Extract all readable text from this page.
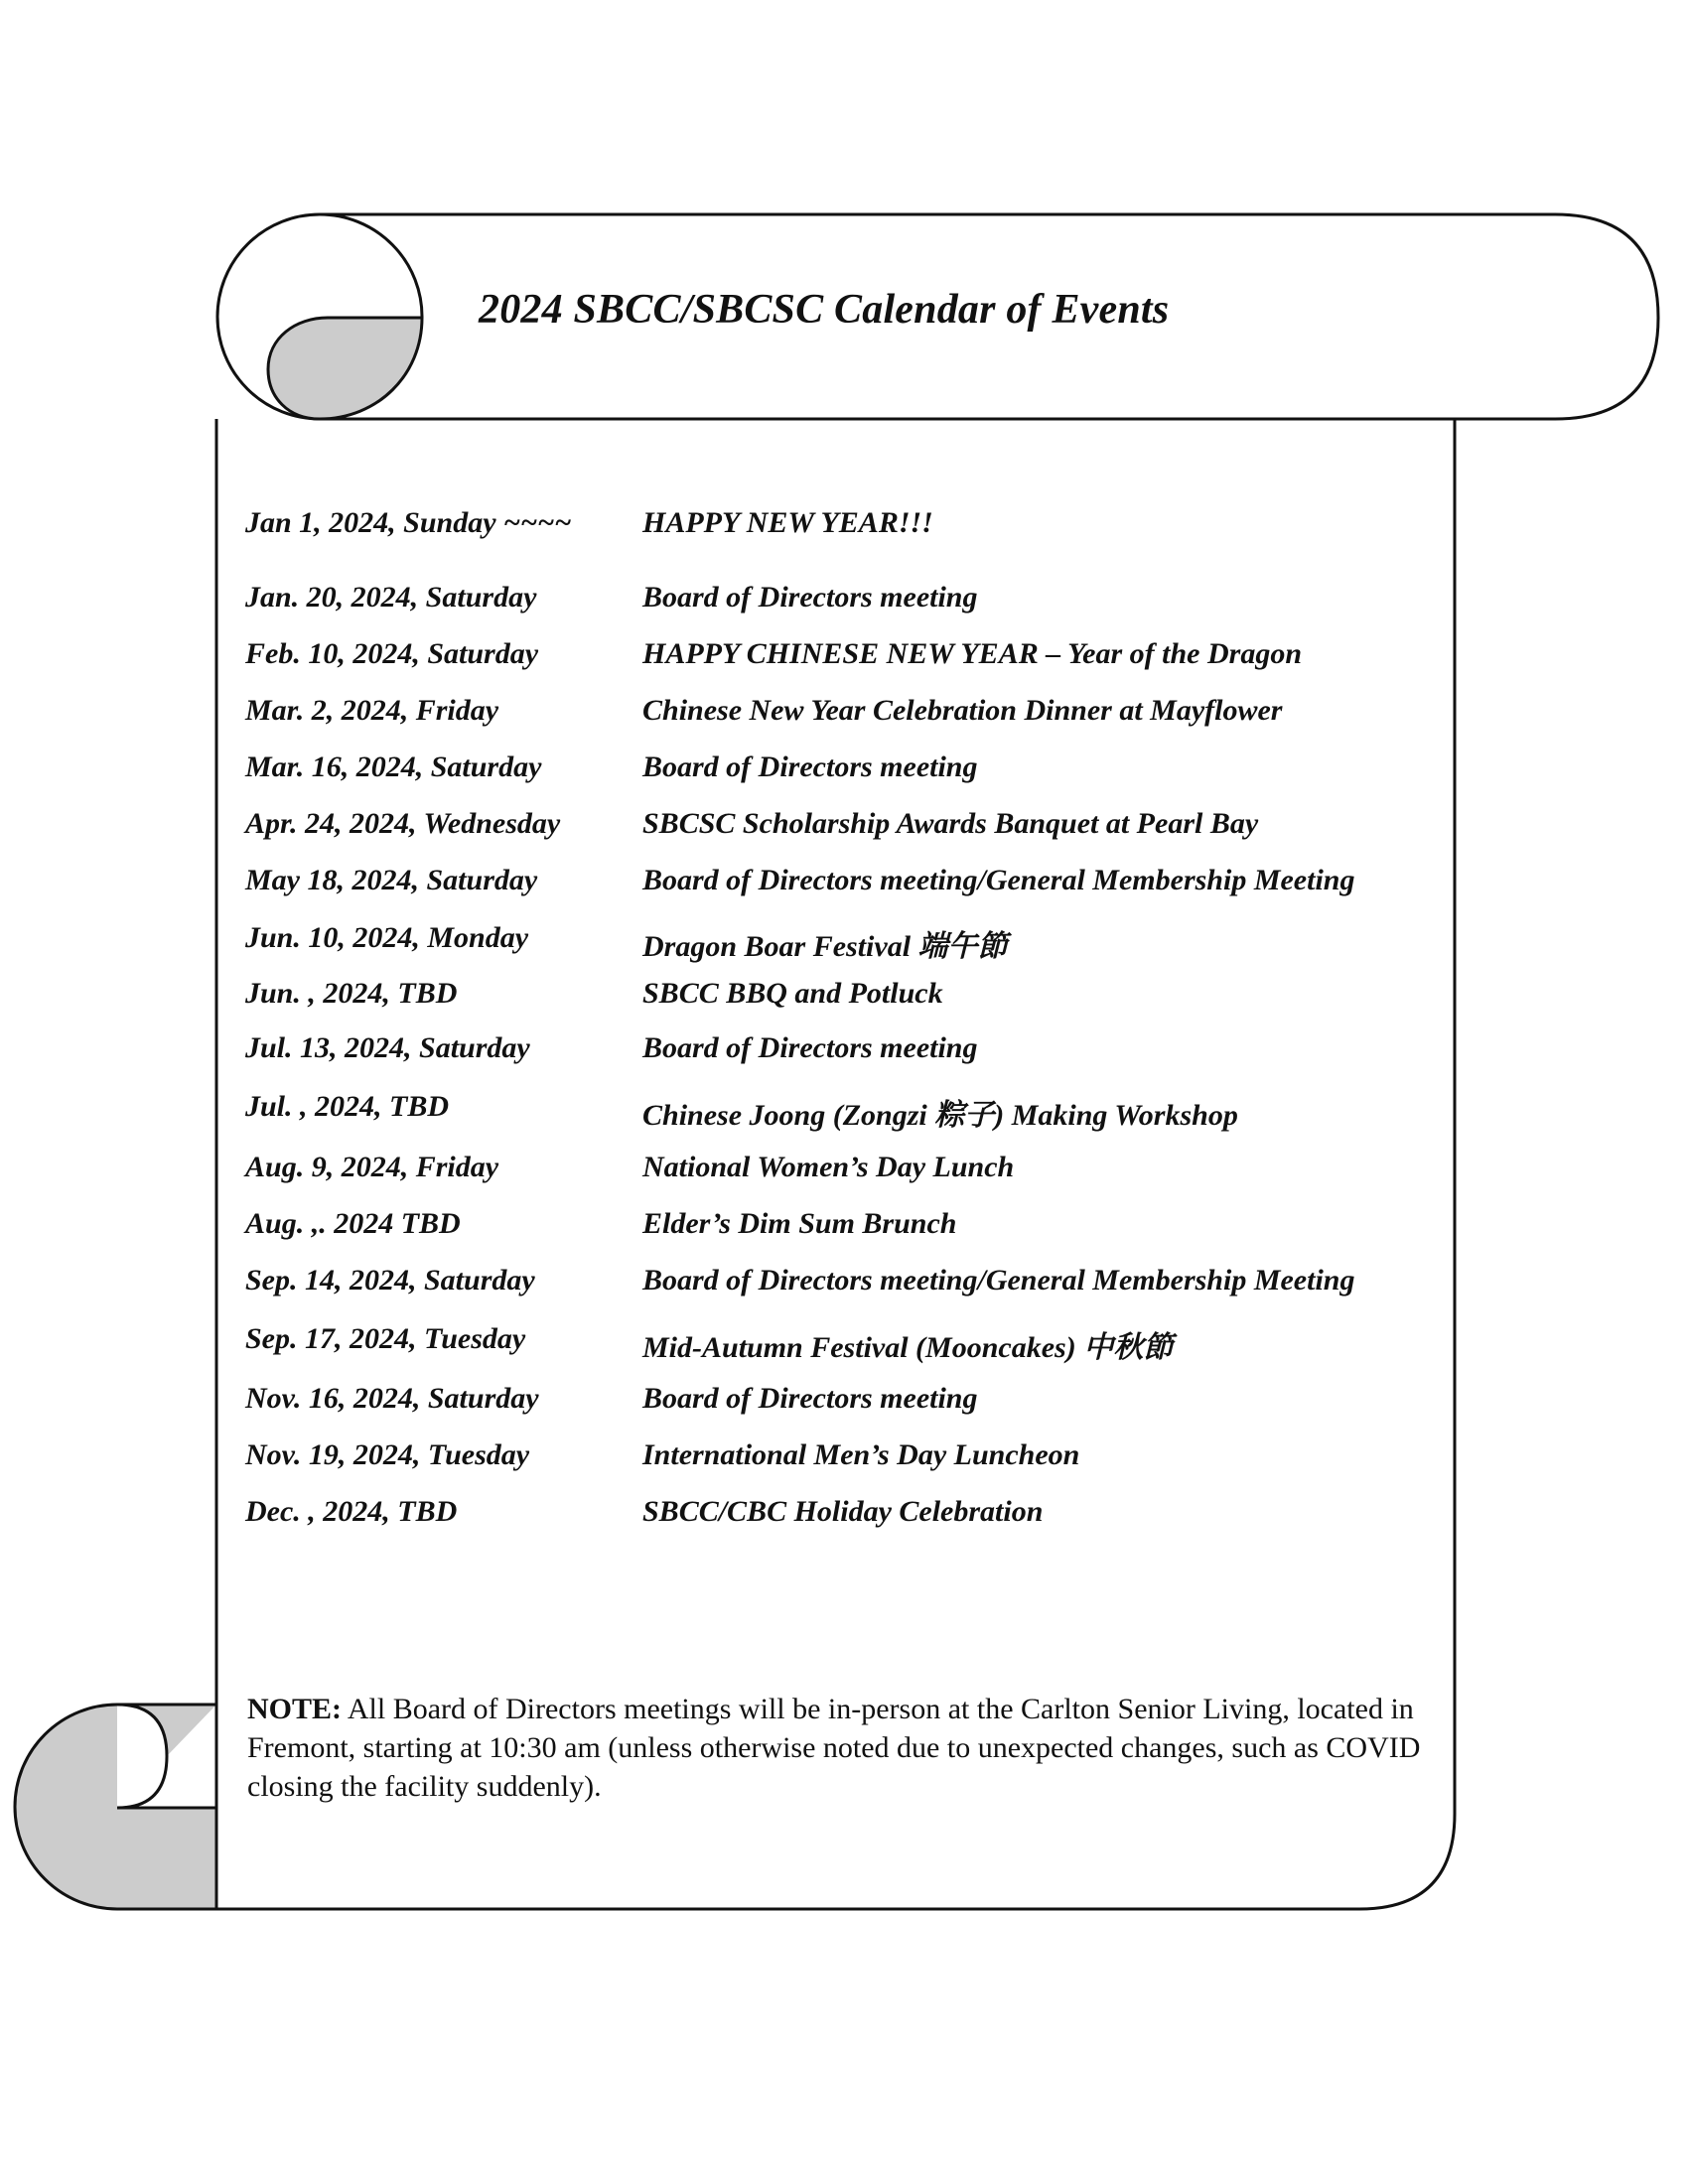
2024 SBCC/SBCSC Calendar of Events
Jan 1, 2024, Sunday ~~~~ HAPPY NEW YEAR!!!
Jan. 20, 2024, Saturday	Board of Directors meeting
Feb. 10, 2024, Saturday	HAPPY CHINESE NEW YEAR – Year of the Dragon
Mar. 2, 2024, Friday	Chinese New Year Celebration Dinner at Mayflower
Mar. 16, 2024, Saturday	Board of Directors meeting
Apr. 24, 2024, Wednesday	SBCSC Scholarship Awards Banquet at Pearl Bay
May 18, 2024, Saturday	Board of Directors meeting/General Membership Meeting
Jun. 10, 2024, Monday	Dragon Boar Festival 端午節
Jun. , 2024, TBD	SBCC BBQ and Potluck
Jul. 13, 2024, Saturday	Board of Directors meeting
Jul. , 2024, TBD	Chinese Joong (Zongzi 粽子) Making Workshop
Aug. 9, 2024, Friday	National Women’s Day Lunch
Aug. ,. 2024 TBD	Elder’s Dim Sum Brunch
Sep. 14, 2024, Saturday	Board of Directors meeting/General Membership Meeting
Sep. 17, 2024, Tuesday	Mid-Autumn Festival (Mooncakes) 中秋節
Nov. 16, 2024, Saturday	Board of Directors meeting
Nov. 19, 2024, Tuesday	International Men’s Day Luncheon
Dec. , 2024, TBD	SBCC/CBC Holiday Celebration

NOTE: All Board of Directors meetings will be in-person at the Carlton Senior Living, located in Fremont, starting at 10:30 am (unless otherwise noted due to unexpected changes, such as COVID closing the facility suddenly).
